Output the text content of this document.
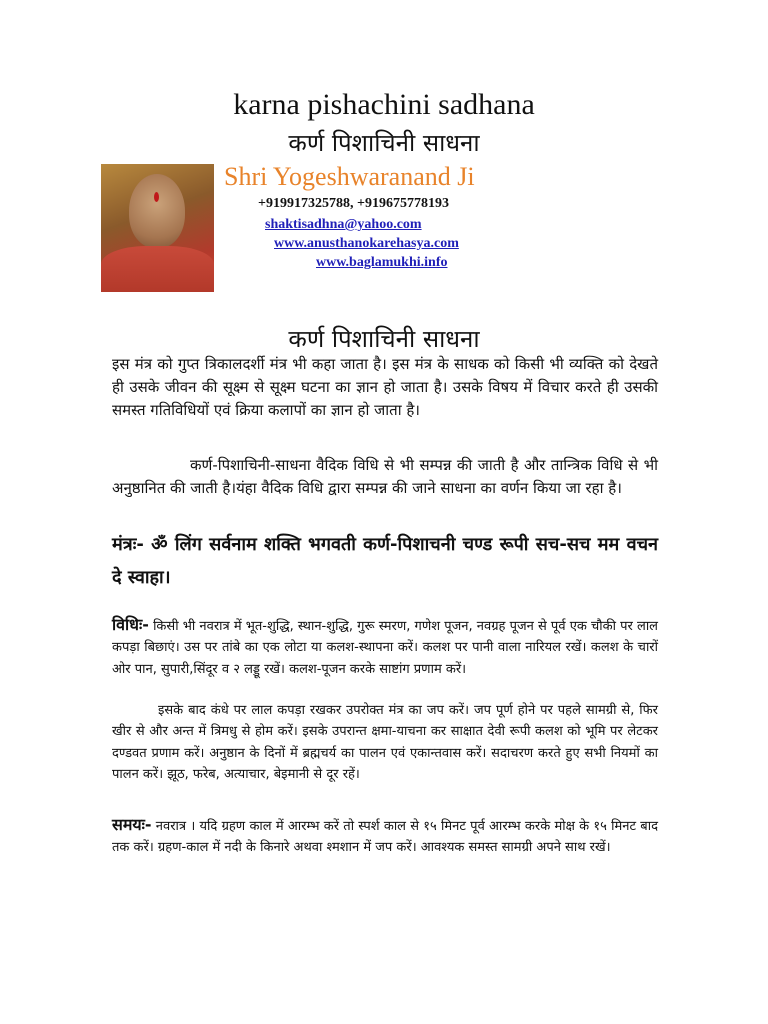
karna pishachini sadhana
कर्ण पिशाचिनी साधना
Shri Yogeshwaranand Ji
+919917325788, +919675778193
shaktisadhna@yahoo.com
www.anusthanokarehasya.com
www.baglamukhi.info
कर्ण पिशाचिनी साधना
इस मंत्र को गुप्त त्रिकालदर्शी मंत्र भी कहा जाता है। इस मंत्र के साधक को किसी भी व्यक्ति को देखते ही उसके जीवन की सूक्ष्म से सूक्ष्म घटना का ज्ञान हो जाता है। उसके विषय में विचार करते ही उसकी समस्त गतिविधियों एवं क्रिया कलापों का ज्ञान हो जाता है।
कर्ण-पिशाचिनी-साधना वैदिक विधि से भी सम्पन्न की जाती है और तान्त्रिक विधि से भी अनुष्ठानित की जाती है।यंहा वैदिक विधि द्वारा सम्पन्न की जाने साधना का वर्णन किया जा रहा है।
मंत्रः- ॐ लिंग सर्वनाम शक्ति भगवती कर्ण-पिशाचनी चण्ड रूपी सच-सच मम वचन दे स्वाहा।
विधिः- किसी भी नवरात्र में भूत-शुद्धि, स्थान-शुद्धि, गुरू स्मरण, गणेश पूजन, नवग्रह पूजन से पूर्व एक चौकी पर लाल कपड़ा बिछाएं। उस पर तांबे का एक लोटा या कलश-स्थापना करें। कलश पर पानी वाला नारियल रखें। कलश के चारों ओर पान, सुपारी,सिंदूर व २ लड्डू रखें। कलश-पूजन करके साष्टांग प्रणाम करें।
इसके बाद कंधे पर लाल कपड़ा रखकर उपरोक्त मंत्र का जप करें। जप पूर्ण होने पर पहले सामग्री से, फिर खीर से और अन्त में त्रिमधु से होम करें। इसके उपरान्त क्षमा-याचना कर साक्षात देवी रूपी कलश को भूमि पर लेटकर दण्डवत प्रणाम करें। अनुष्ठान के दिनों में ब्रह्मचर्य का पालन एवं एकान्तवास करें। सदाचरण करते हुए सभी नियमों का पालन करें। झूठ, फरेब, अत्याचार, बेइमानी से दूर रहें।
समयः- नवरात्र । यदि ग्रहण काल में आरम्भ करें तो स्पर्श काल से १५ मिनट पूर्व आरम्भ करके मोक्ष के १५ मिनट बाद तक करें। ग्रहण-काल में नदी के किनारे अथवा श्मशान में जप करें। आवश्यक समस्त सामग्री अपने साथ रखें।
